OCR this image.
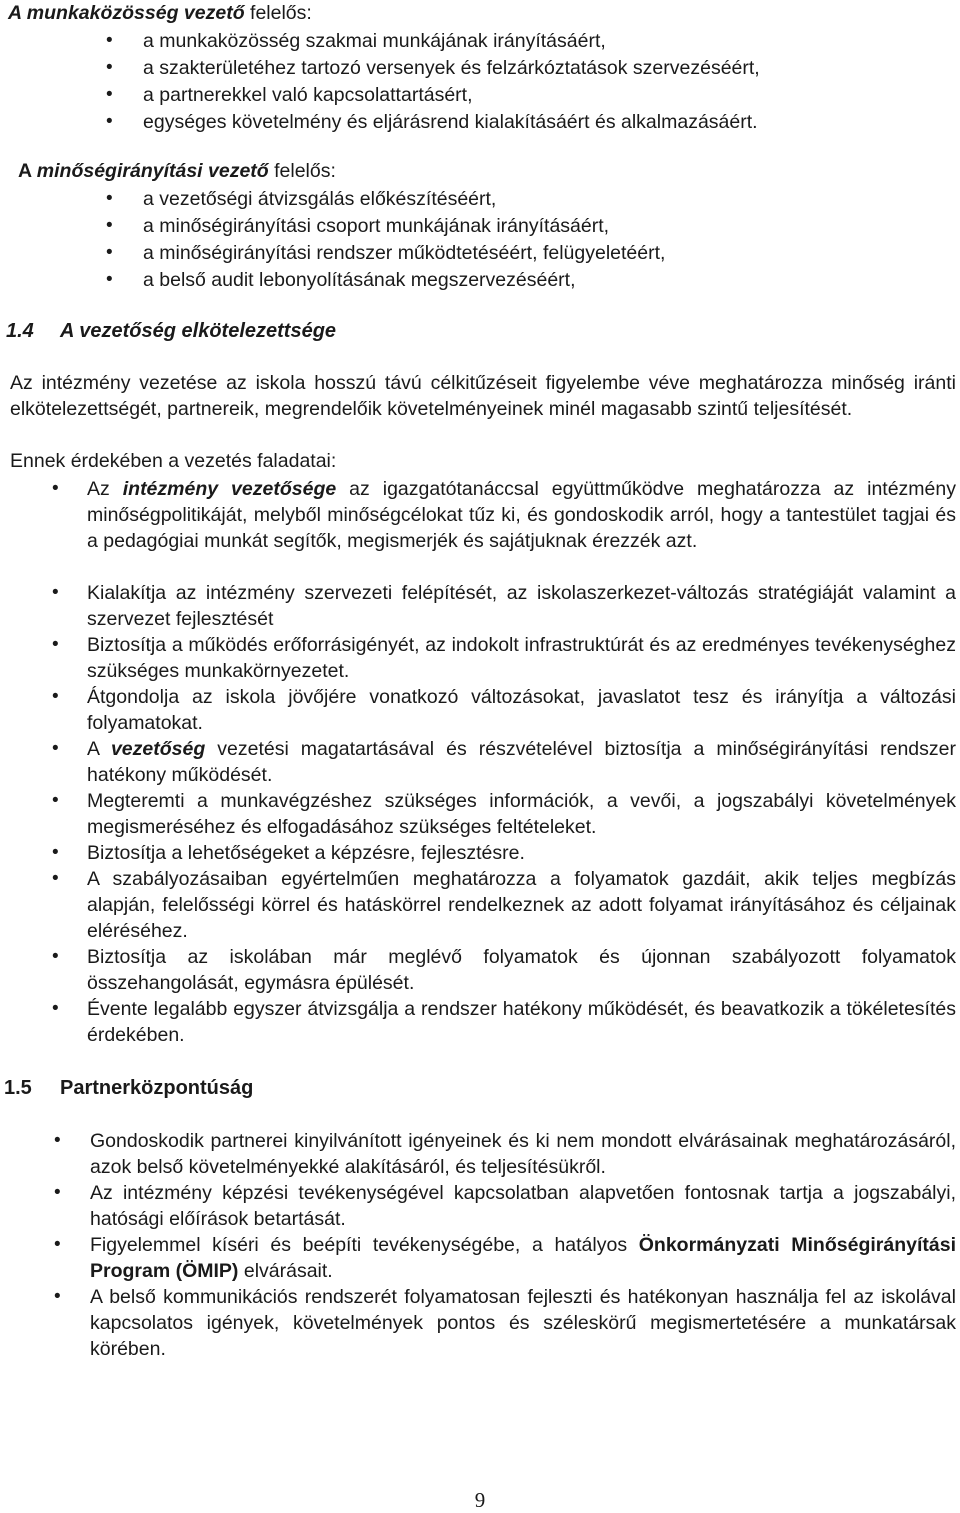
A munkaközösség vezető felelős:
• a munkaközösség szakmai munkájának irányításáért,
• a szakterületéhez tartozó versenyek és felzárkóztatások szervezéséért,
• a partnerekkel való kapcsolattartásért,
• egységes követelmény és eljárásrend kialakításáért és alkalmazásáért.
A minőségirányítási vezető felelős:
• a vezetőségi átvizsgálás előkészítéséért,
• a minőségirányítási csoport munkájának irányításáért,
• a minőségirányítási rendszer működtetéséért, felügyeletéért,
• a belső audit lebonyolításának megszervezéséért,
1.4 A vezetőség elkötelezettsége
Az intézmény vezetése az iskola hosszú távú célkitűzéseit figyelembe véve meghatározza minőség iránti elkötelezettségét, partnereik, megrendelőik követelményeinek minél magasabb szintű teljesítését.
Ennek érdekében a vezetés faladatai:
• Az intézmény vezetősége az igazgatótanáccsal együttműködve meghatározza az intézmény minőségpolitikáját, melyből minőségcélokat tűz ki, és gondoskodik arról, hogy a tantestület tagjai és a pedagógiai munkát segítők, megismerjék és sajátjuknak érezzék azt.
• Kialakítja az intézmény szervezeti felépítését, az iskolaszerkezet-változás stratégiáját valamint a szervezet fejlesztését
• Biztosítja a működés erőforrásigényét, az indokolt infrastruktúrát és az eredményes tevékenységhez szükséges munkakörnyezetet.
• Átgondolja az iskola jövőjére vonatkozó változásokat, javaslatot tesz és irányítja a változási folyamatokat.
• A vezetőség vezetési magatartásával és részvételével biztosítja a minőségirányítási rendszer hatékony működését.
• Megteremti a munkavégzéshez szükséges információk, a vevői, a jogszabályi követelmények megismeréséhez és elfogadásához szükséges feltételeket.
• Biztosítja a lehetőségeket a képzésre, fejlesztésre.
• A szabályozásaiban egyértelműen meghatározza a folyamatok gazdáit, akik teljes megbízás alapján, felelősségi körrel és hatáskörrel rendelkeznek az adott folyamat irányításához és céljainak eléréséhez.
• Biztosítja az iskolában már meglévő folyamatok és újonnan szabályozott folyamatok összehangolását, egymásra épülését.
• Évente legalább egyszer átvizsgálja a rendszer hatékony működését, és beavatkozik a tökéletesítés érdekében.
1.5 Partnerközpontúság
• Gondoskodik partnerei kinyilvánított igényeinek és ki nem mondott elvárásainak meghatározásáról, azok belső követelményekké alakításáról, és teljesítésükről.
• Az intézmény képzési tevékenységével kapcsolatban alapvetően fontosnak tartja a jogszabályi, hatósági előírások betartását.
• Figyelemmel kíséri és beépíti tevékenységébe, a hatályos Önkormányzati Minőségirányítási Program (ÖMIP) elvárásait.
• A belső kommunikációs rendszerét folyamatosan fejleszti és hatékonyan használja fel az iskolával kapcsolatos igények, követelmények pontos és széleskörű megismertetésére a munkatársak körében.
9
